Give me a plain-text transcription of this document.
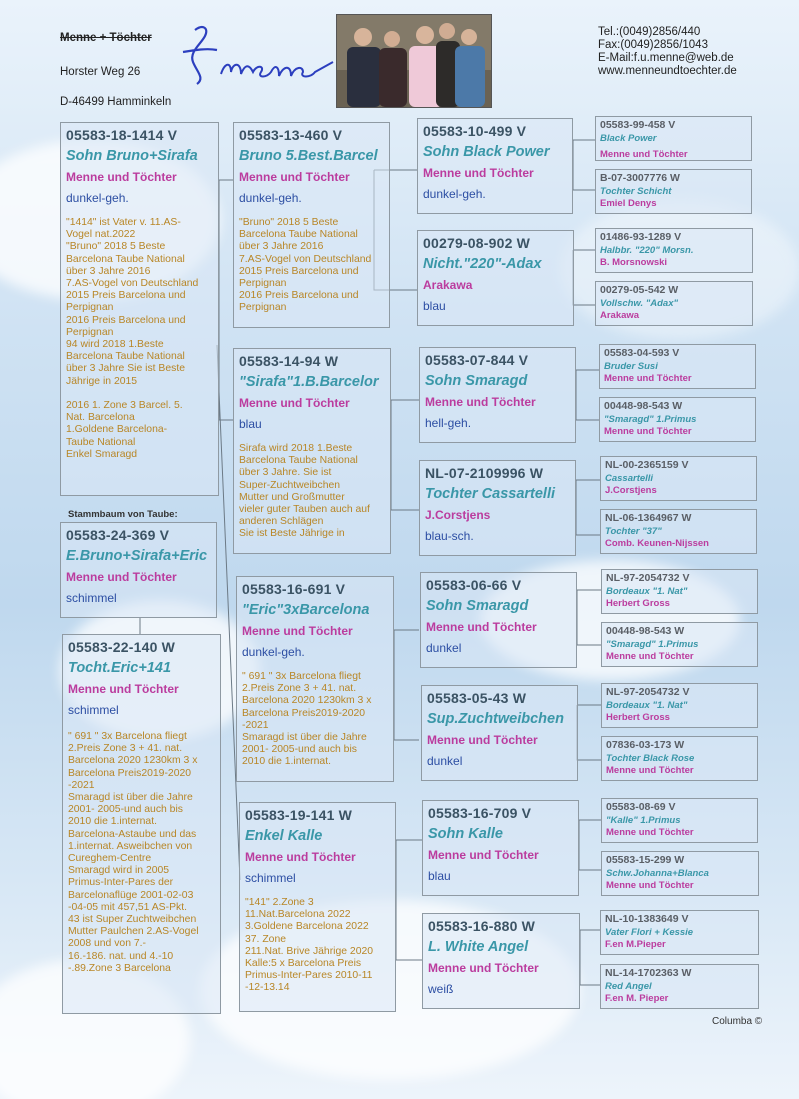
Menne + Töchter
Horster Weg 26
D-46499 Hamminkeln
Tel.:(0049)2856/440
Fax:(0049)2856/1043
E-Mail:f.u.menne@web.de
www.menneundtoechter.de
05583-18-1414 V
Sohn Bruno+Sirafa
Menne und Töchter
dunkel-geh.
"1414" ist Vater v. 11.AS-
Vogel nat.2022
"Bruno" 2018 5 Beste
Barcelona Taube National
über 3 Jahre 2016
7.AS-Vogel von Deutschland
2015 Preis Barcelona und
Perpignan
2016 Preis Barcelona und
Perpignan
94 wird 2018 1.Beste
Barcelona Taube National
über 3 Jahre Sie ist Beste
Jährige in 2015

2016 1. Zone 3 Barcel. 5.
Nat. Barcelona
1.Goldene Barcelona-
Taube National
Enkel Smaragd
Stammbaum von Taube:
05583-24-369 V
E.Bruno+Sirafa+Eric
Menne und Töchter
schimmel
05583-22-140 W
Tocht.Eric+141
Menne und Töchter
schimmel
" 691 " 3x Barcelona fliegt
2.Preis Zone 3 + 41. nat.
Barcelona 2020 1230km 3 x
Barcelona Preis2019-2020
-2021
Smaragd ist über die Jahre
2001- 2005-und auch bis
2010 die 1.internat.
Barcelona-Astaube und das
1.internat. Asweibchen von
Cureghem-Centre
Smaragd wird in 2005
Primus-Inter-Pares der
Barcelonaflüge 2001-02-03
-04-05 mit 457,51 AS-Pkt.
43 ist Super Zuchtweibchen
Mutter Paulchen 2.AS-Vogel
2008 und von 7.-
16.-186. nat. und 4.-10
-.89.Zone 3 Barcelona
05583-13-460 V
Bruno 5.Best.Barcel
Menne und Töchter
dunkel-geh.
"Bruno" 2018 5 Beste
Barcelona Taube National
über 3 Jahre 2016
7.AS-Vogel von Deutschland
2015 Preis Barcelona und
Perpignan
2016 Preis Barcelona und
Perpignan
05583-14-94 W
"Sirafa"1.B.Barcelor
Menne und Töchter
blau
Sirafa wird 2018 1.Beste
Barcelona Taube National
über 3 Jahre. Sie ist
Super-Zuchtweibchen
Mutter und Großmutter
vieler guter Tauben auch auf
anderen Schlägen
Sie ist Beste Jährige in
05583-16-691 V
"Eric"3xBarcelona
Menne und Töchter
dunkel-geh.
" 691 " 3x Barcelona fliegt
2.Preis Zone 3 + 41. nat.
Barcelona 2020 1230km 3 x
Barcelona Preis2019-2020
-2021
Smaragd ist über die Jahre
2001- 2005-und auch bis
2010 die 1.internat.
05583-19-141 W
Enkel Kalle
Menne und Töchter
schimmel
"141" 2.Zone 3
11.Nat.Barcelona 2022
3.Goldene Barcelona 2022
37. Zone
211.Nat. Brive Jährige 2020
Kalle:5 x Barcelona Preis
Primus-Inter-Pares 2010-11
-12-13.14
05583-10-499 V
Sohn Black Power
Menne und Töchter
dunkel-geh.
00279-08-902 W
Nicht."220"-Adax
Arakawa
blau
05583-07-844 V
Sohn Smaragd
Menne und Töchter
hell-geh.
NL-07-2109996 W
Tochter Cassartelli
J.Corstjens
blau-sch.
05583-06-66 V
Sohn Smaragd
Menne und Töchter
dunkel
05583-05-43 W
Sup.Zuchtweibchen
Menne und Töchter
dunkel
05583-16-709 V
Sohn Kalle
Menne und Töchter
blau
05583-16-880 W
L. White Angel
Menne und Töchter
weiß
05583-99-458 V
Black Power
Menne und Töchter
B-07-3007776 W
Tochter Schicht
Emiel Denys
01486-93-1289 V
Halbbr. "220" Morsn.
B. Morsnowski
00279-05-542 W
Vollschw. "Adax"
Arakawa
05583-04-593 V
Bruder Susi
Menne und Töchter
00448-98-543 W
"Smaragd" 1.Primus
Menne und Töchter
NL-00-2365159 V
Cassartelli
J.Corstjens
NL-06-1364967 W
Tochter "37"
Comb. Keunen-Nijssen
NL-97-2054732 V
Bordeaux "1. Nat"
Herbert Gross
00448-98-543 W
"Smaragd" 1.Primus
Menne und Töchter
NL-97-2054732 V
Bordeaux "1. Nat"
Herbert Gross
07836-03-173 W
Tochter Black Rose
Menne und Töchter
05583-08-69 V
"Kalle" 1.Primus
Menne und Töchter
05583-15-299 W
Schw.Johanna+Blanca
Menne und Töchter
NL-10-1383649 V
Vater Flori + Kessie
F.en M.Pieper
NL-14-1702363 W
Red Angel
F.en M. Pieper
Columba ©
